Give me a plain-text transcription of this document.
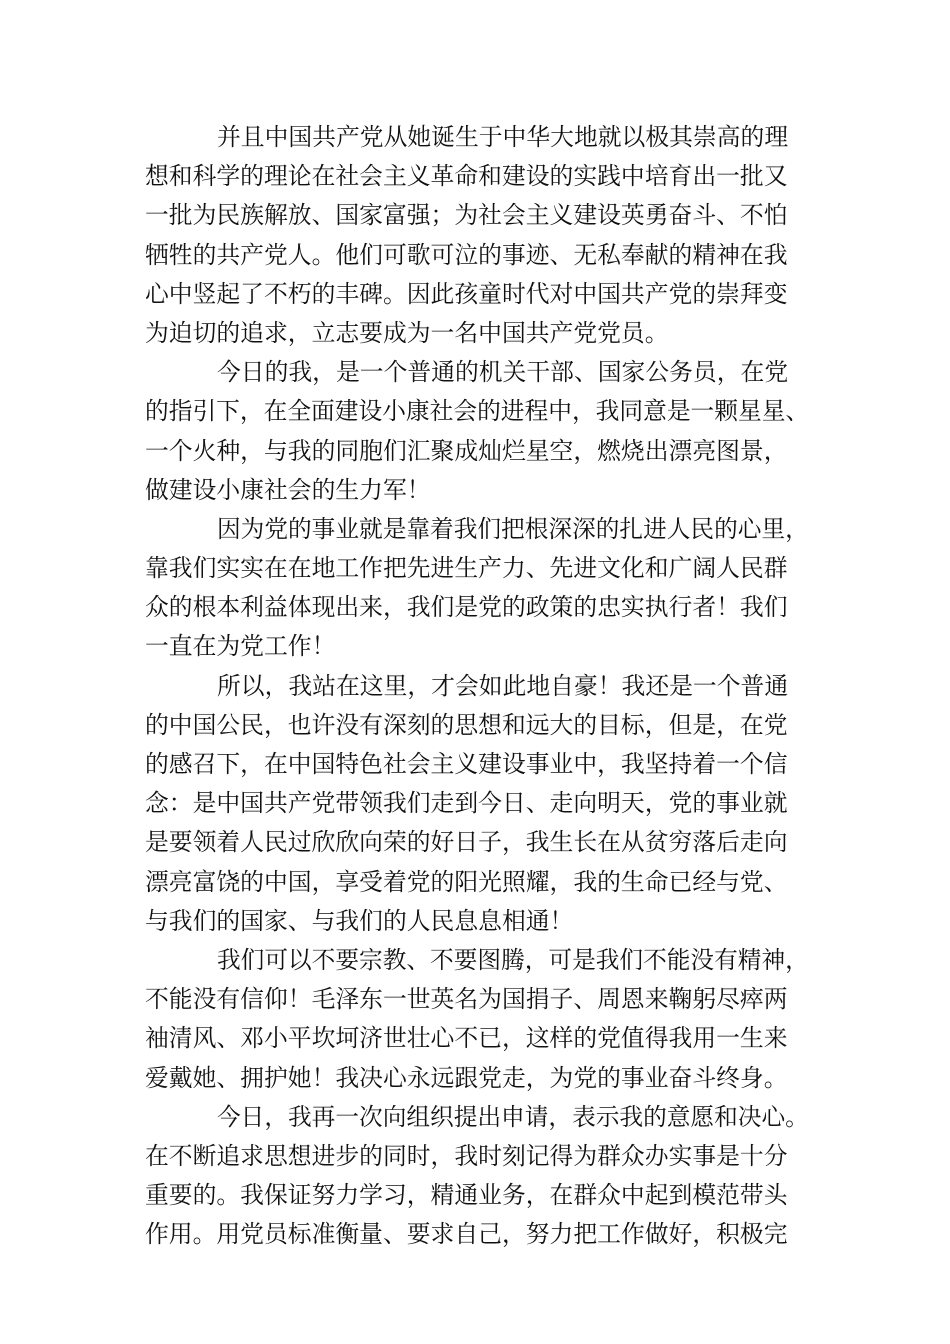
并且中国共产党从她诞生于中华大地就以极其崇高的理
想和科学的理论在社会主义革命和建设的实践中培育出一批又
一批为民族解放、国家富强；为社会主义建设英勇奋斗、不怕
牺牲的共产党人。他们可歌可泣的事迹、无私奉献的精神在我
心中竖起了不朽的丰碑。因此孩童时代对中国共产党的崇拜变
为迫切的追求，立志要成为一名中国共产党党员。
今日的我，是一个普通的机关干部、国家公务员，在党
的指引下，在全面建设小康社会的进程中，我同意是一颗星星、
一个火种，与我的同胞们汇聚成灿烂星空，燃烧出漂亮图景，
做建设小康社会的生力军！
因为党的事业就是靠着我们把根深深的扎进人民的心里，
靠我们实实在在地工作把先进生产力、先进文化和广阔人民群
众的根本利益体现出来，我们是党的政策的忠实执行者！我们
一直在为党工作！
所以，我站在这里，才会如此地自豪！我还是一个普通
的中国公民，也许没有深刻的思想和远大的目标，但是，在党
的感召下，在中国特色社会主义建设事业中，我坚持着一个信
念：是中国共产党带领我们走到今日、走向明天，党的事业就
是要领着人民过欣欣向荣的好日子，我生长在从贫穷落后走向
漂亮富饶的中国，享受着党的阳光照耀，我的生命已经与党、
与我们的国家、与我们的人民息息相通！
我们可以不要宗教、不要图腾，可是我们不能没有精神，
不能没有信仰！毛泽东一世英名为国捐子、周恩来鞠躬尽瘁两
袖清风、邓小平坎坷济世壮心不已，这样的党值得我用一生来
爱戴她、拥护她！我决心永远跟党走，为党的事业奋斗终身。
今日，我再一次向组织提出申请，表示我的意愿和决心。
在不断追求思想进步的同时，我时刻记得为群众办实事是十分
重要的。我保证努力学习，精通业务，在群众中起到模范带头
作用。用党员标准衡量、要求自己，努力把工作做好，积极完
